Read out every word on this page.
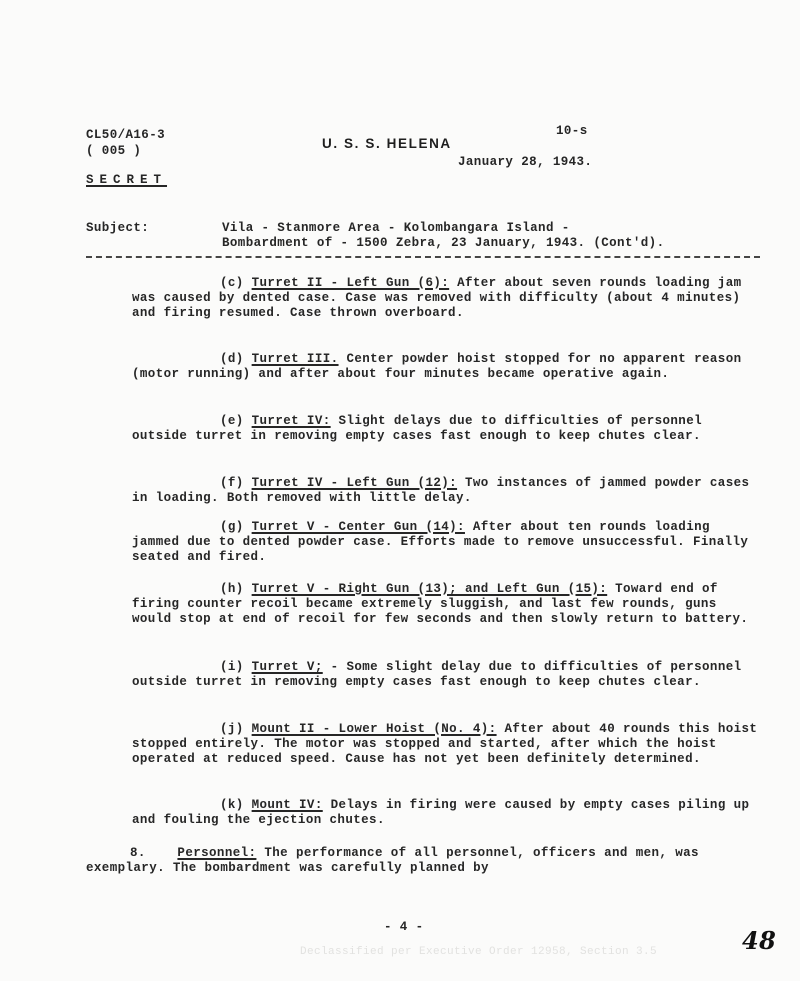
CL50/A16-3
( 005 )	U. S. S. HELENA
10-s
January 28, 1943.
SECRET
Subject:	Vila - Stanmore Area - Kolombangara Island -
Bombardment of - 1500 Zebra, 23 January, 1943. (Cont'd).
(c) Turret II - Left Gun (6): After about seven rounds loading jam was caused by dented case. Case was removed with difficulty (about 4 minutes) and firing resumed. Case thrown overboard.
(d) Turret III. Center powder hoist stopped for no apparent reason (motor running) and after about four minutes became operative again.
(e) Turret IV: Slight delays due to difficulties of personnel outside turret in removing empty cases fast enough to keep chutes clear.
(f) Turret IV - Left Gun (12): Two instances of jammed powder cases in loading. Both removed with little delay.
(g) Turret V - Center Gun (14): After about ten rounds loading jammed due to dented powder case. Efforts made to remove unsuccessful. Finally seated and fired.
(h) Turret V - Right Gun (13); and Left Gun (15): Toward end of firing counter recoil became extremely sluggish, and last few rounds, guns would stop at end of recoil for few seconds and then slowly return to battery.
(i) Turret V; - Some slight delay due to difficulties of personnel outside turret in removing empty cases fast enough to keep chutes clear.
(j) Mount II - Lower Hoist (No. 4): After about 40 rounds this hoist stopped entirely. The motor was stopped and started, after which the hoist operated at reduced speed. Cause has not yet been definitely determined.
(k) Mount IV: Delays in firing were caused by empty cases piling up and fouling the ejection chutes.
8.	Personnel: The performance of all personnel, officers and men, was exemplary. The bombardment was carefully planned by
- 4 -
Declassified per Executive Order 12958, Section 3.5	48
